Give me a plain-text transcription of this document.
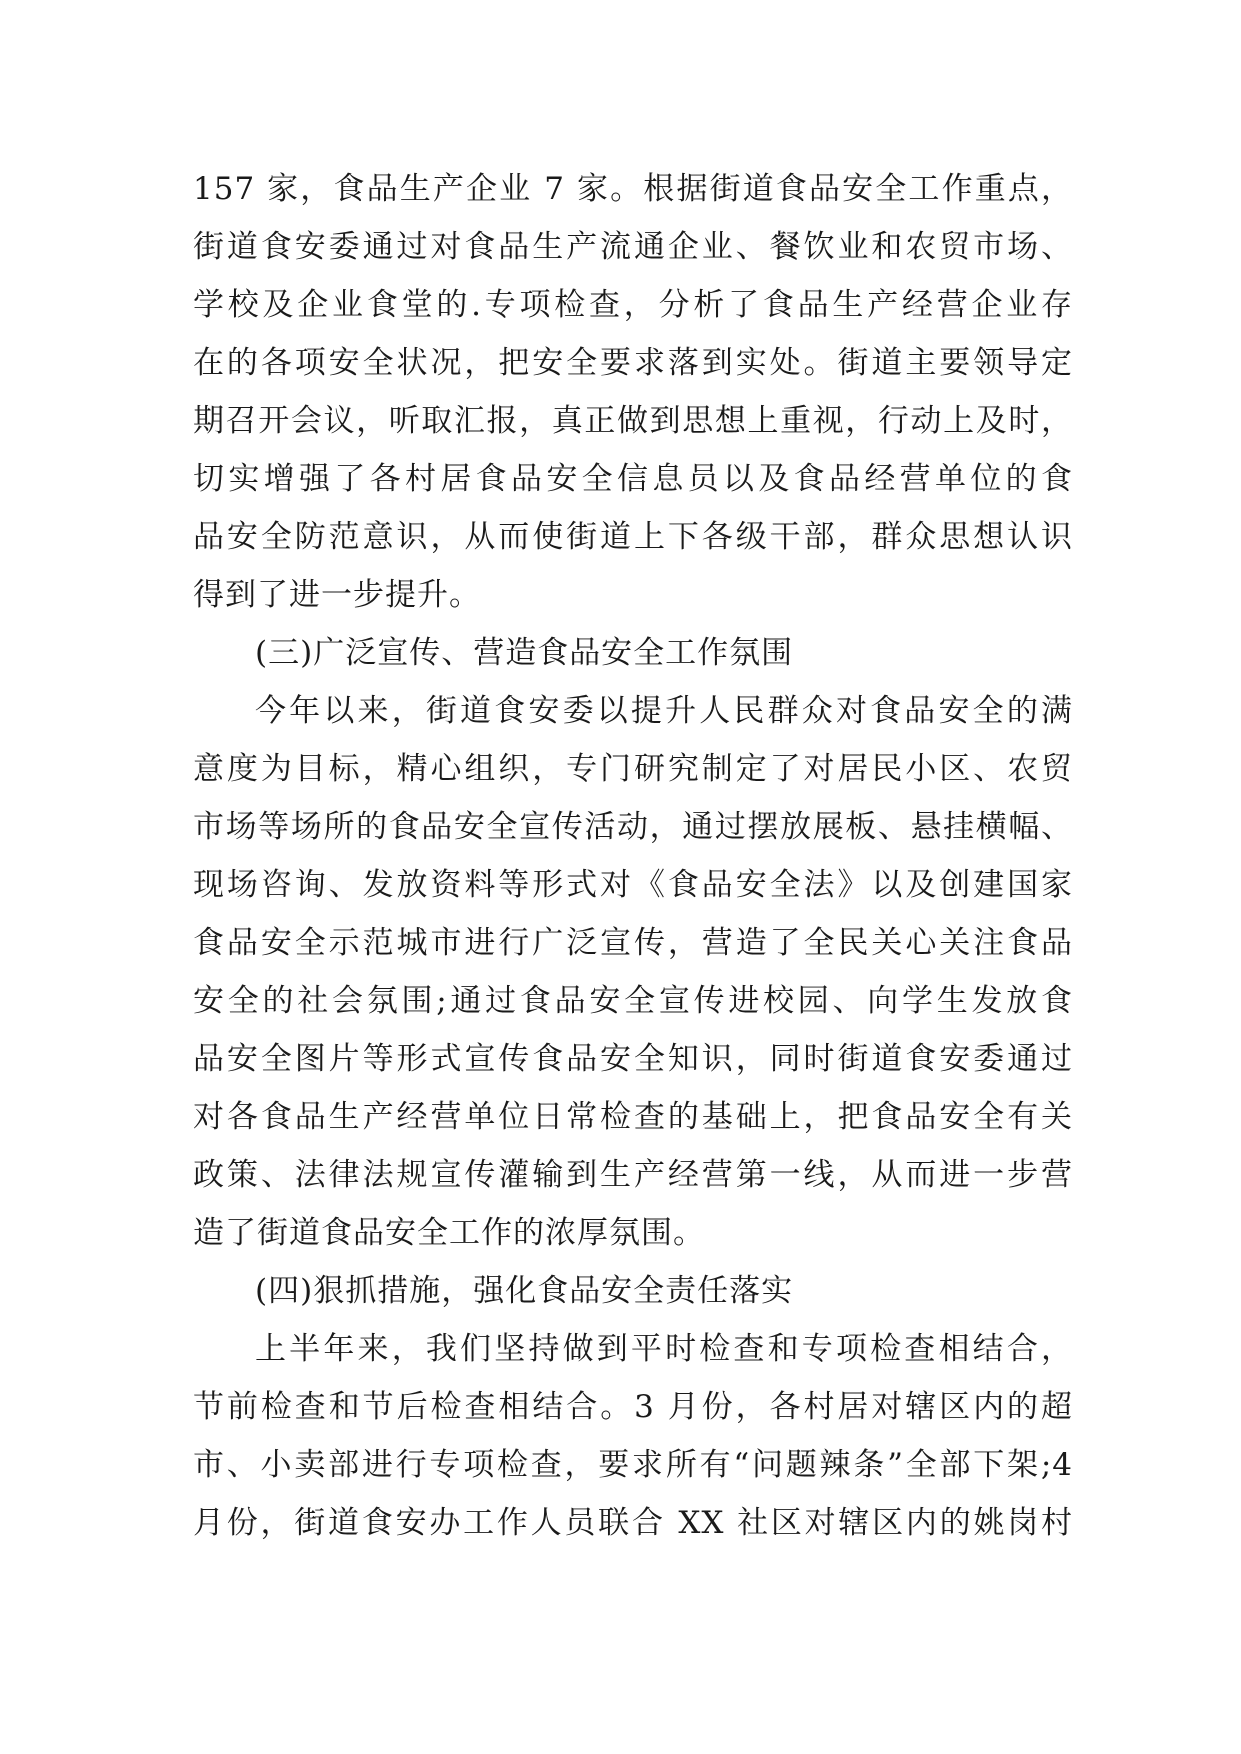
157 家，食品生产企业 7 家。根据街道食品安全工作重点，
街道食安委通过对食品生产流通企业、餐饮业和农贸市场、
学校及企业食堂的.专项检查，分析了食品生产经营企业存
在的各项安全状况，把安全要求落到实处。街道主要领导定
期召开会议，听取汇报，真正做到思想上重视，行动上及时，
切实增强了各村居食品安全信息员以及食品经营单位的食
品安全防范意识，从而使街道上下各级干部，群众思想认识
得到了进一步提升。
(三)广泛宣传、营造食品安全工作氛围
今年以来，街道食安委以提升人民群众对食品安全的满
意度为目标，精心组织，专门研究制定了对居民小区、农贸
市场等场所的食品安全宣传活动，通过摆放展板、悬挂横幅、
现场咨询、发放资料等形式对《食品安全法》以及创建国家
食品安全示范城市进行广泛宣传，营造了全民关心关注食品
安全的社会氛围;通过食品安全宣传进校园、向学生发放食
品安全图片等形式宣传食品安全知识，同时街道食安委通过
对各食品生产经营单位日常检查的基础上，把食品安全有关
政策、法律法规宣传灌输到生产经营第一线，从而进一步营
造了街道食品安全工作的浓厚氛围。
(四)狠抓措施，强化食品安全责任落实
上半年来，我们坚持做到平时检查和专项检查相结合，
节前检查和节后检查相结合。3 月份，各村居对辖区内的超
市、小卖部进行专项检查，要求所有“问题辣条”全部下架;4
月份，街道食安办工作人员联合 XX 社区对辖区内的姚岗村
